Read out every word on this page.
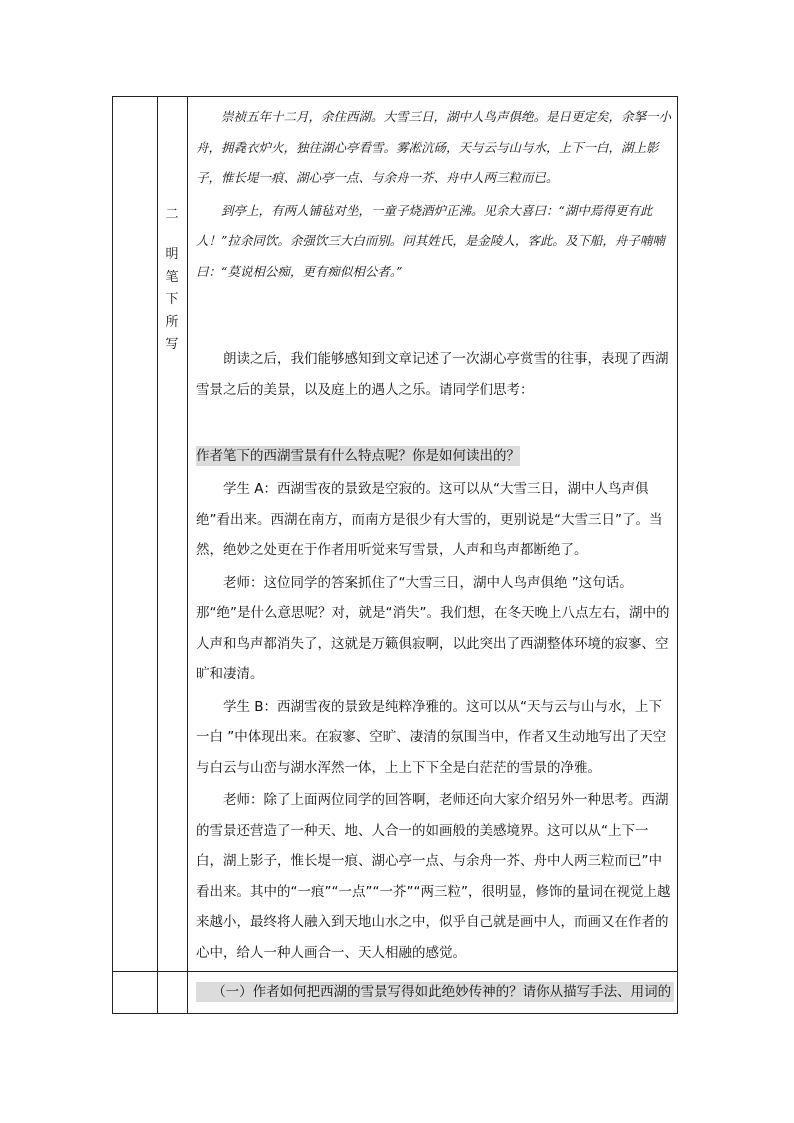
二
明
笔
下
所
写

崇祯五年十二月，余住西湖。大雪三日，湖中人鸟声俱绝。是日更定矣，余拏一小舟，拥毳衣炉火，独往湖心亭看雪。雾凇沆砀，天与云与山与水，上下一白，湖上影子，惟长堤一痕、湖心亭一点、与余舟一芥、舟中人两三粒而已。

到亭上，有两人铺毡对坐，一童子烧酒炉正沸。见余大喜曰：“湖中焉得更有此人！”拉余同饮。余强饮三大白而别。问其姓氏，是金陵人，客此。及下船，舟子喃喃曰：“莫说相公痴，更有痴似相公者。”

朗读之后，我们能够感知到文章记述了一次湖心亭赏雪的往事，表现了西湖雪景之后的美景，以及庭上的遇人之乐。请同学们思考：

作者笔下的西湖雪景有什么特点呢？你是如何读出的？

学生 A：西湖雪夜的景致是空寂的。这可以从“大雪三日，湖中人鸟声俱绝”看出来。西湖在南方，而南方是很少有大雪的，更别说是“大雪三日”了。当然，绝妙之处更在于作者用听觉来写雪景，人声和鸟声都断绝了。

老师：这位同学的答案抓住了“大雪三日，湖中人鸟声俱绝 ”这句话。那“绝”是什么意思呢？对，就是“消失”。我们想，在冬天晚上八点左右，湖中的人声和鸟声都消失了，这就是万籁俱寂啊，以此突出了西湖整体环境的寂寥、空旷和凄清。

学生 B：西湖雪夜的景致是纯粹净雅的。这可以从“天与云与山与水，上下一白 ”中体现出来。在寂寥、空旷、凄清的氛围当中，作者又生动地写出了天空与白云与山峦与湖水浑然一体，上上下下全是白茫茫的雪景的净雅。

老师：除了上面两位同学的回答啊，老师还向大家介绍另外一种思考。西湖的雪景还营造了一种天、地、人合一的如画般的美感境界。这可以从“上下一白，湖上影子，惟长堤一痕、湖心亭一点、与余舟一芥、舟中人两三粒而已”中看出来。其中的“一痕”“一点”“一芥”“两三粒”，很明显，修饰的量词在视觉上越来越小，最终将人融入到天地山水之中，似乎自己就是画中人，而画又在作者的心中，给人一种人画合一、天人相融的感觉。

（一）作者如何把西湖的雪景写得如此绝妙传神的？请你从描写手法、用词的
